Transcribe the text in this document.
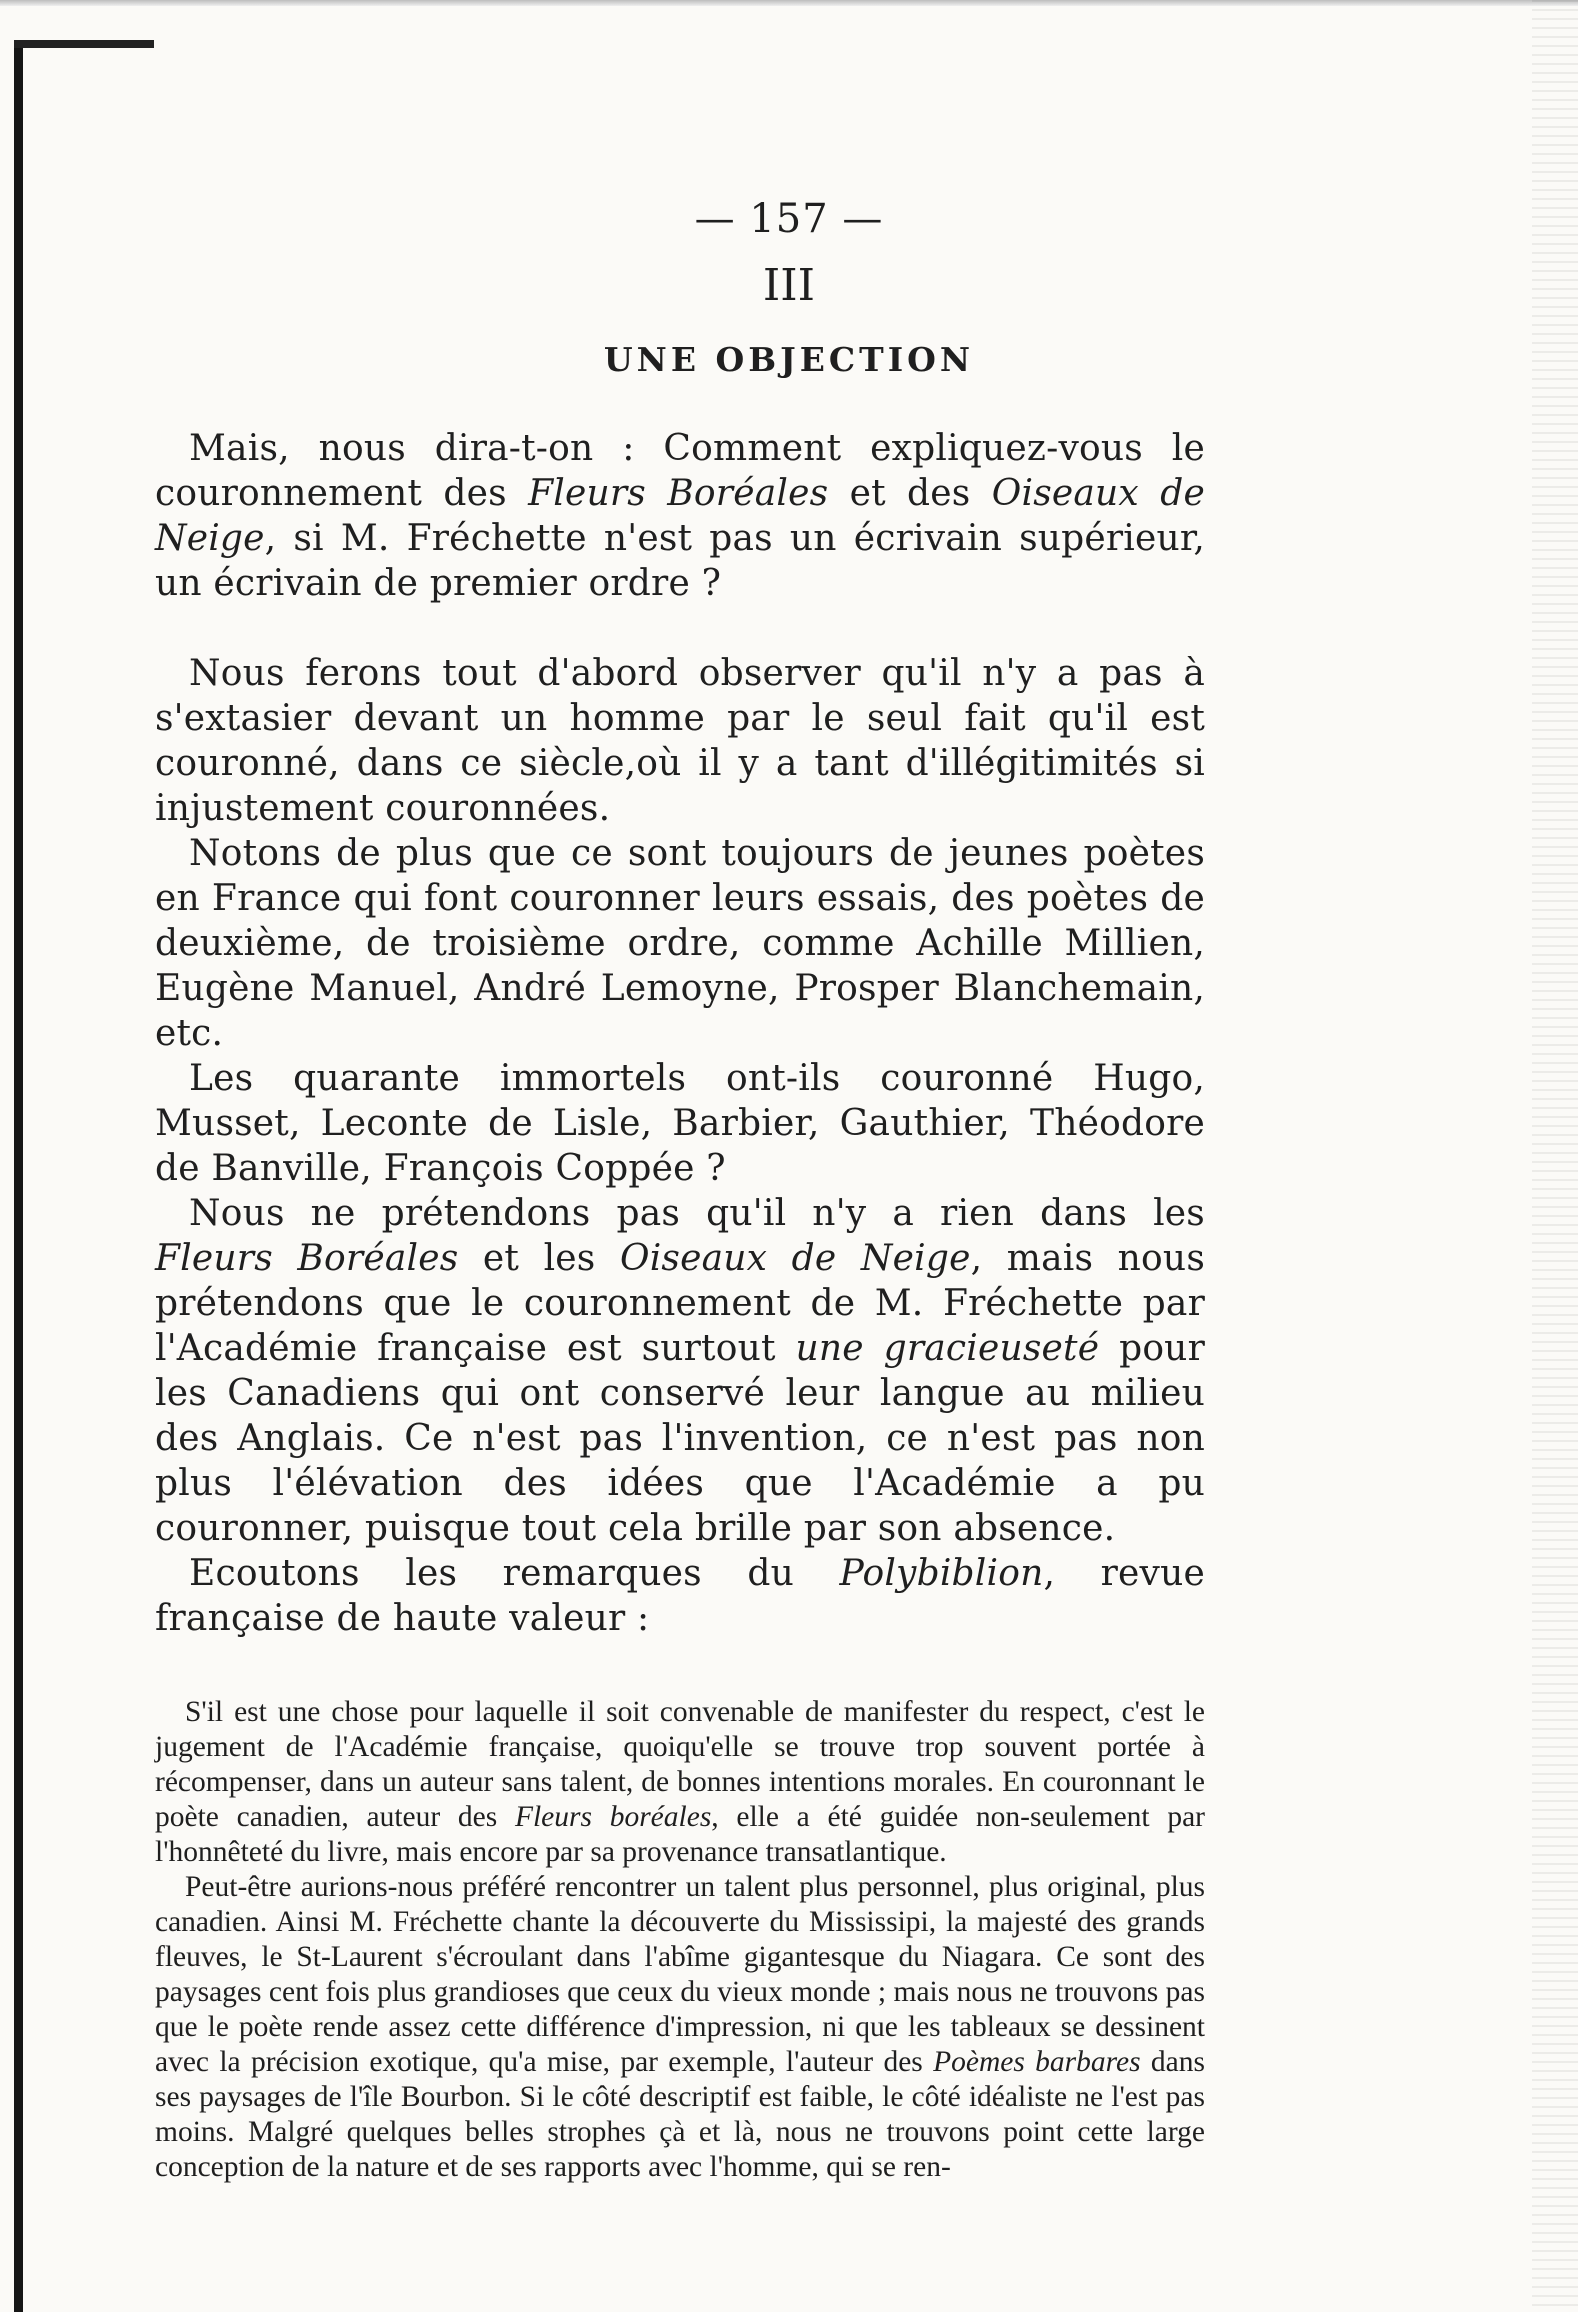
— 157 —
III
UNE OBJECTION

Mais, nous dira-t-on : Comment expliquez-vous le couronnement des Fleurs Boréales et des Oiseaux de Neige, si M. Fréchette n'est pas un écrivain supérieur, un écrivain de premier ordre ?

Nous ferons tout d'abord observer qu'il n'y a pas à s'extasier devant un homme par le seul fait qu'il est couronné, dans ce siècle,où il y a tant d'illégitimités si injustement couronnées.

Notons de plus que ce sont toujours de jeunes poètes en France qui font couronner leurs essais, des poètes de deuxième, de troisième ordre, comme Achille Millien, Eugène Manuel, André Lemoyne, Prosper Blanchemain, etc.

Les quarante immortels ont-ils couronné Hugo, Musset, Leconte de Lisle, Barbier, Gauthier, Théodore de Banville, François Coppée ?

Nous ne prétendons pas qu'il n'y a rien dans les Fleurs Boréales et les Oiseaux de Neige, mais nous prétendons que le couronnement de M. Fréchette par l'Académie française est surtout une gracieuseté pour les Canadiens qui ont conservé leur langue au milieu des Anglais. Ce n'est pas l'invention, ce n'est pas non plus l'élévation des idées que l'Académie a pu couronner, puisque tout cela brille par son absence.

Ecoutons les remarques du Polybiblion, revue française de haute valeur :

S'il est une chose pour laquelle il soit convenable de manifester du respect, c'est le jugement de l'Académie française, quoiqu'elle se trouve trop souvent portée à récompenser, dans un auteur sans talent, de bonnes intentions morales. En couronnant le poète canadien, auteur des Fleurs boréales, elle a été guidée non-seulement par l'honnêteté du livre, mais encore par sa provenance transatlantique.

Peut-être aurions-nous préféré rencontrer un talent plus personnel, plus original, plus canadien. Ainsi M. Fréchette chante la découverte du Mississipi, la majesté des grands fleuves, le St-Laurent s'écroulant dans l'abîme gigantesque du Niagara. Ce sont des paysages cent fois plus grandioses que ceux du vieux monde ; mais nous ne trouvons pas que le poète rende assez cette différence d'impression, ni que les tableaux se dessinent avec la précision exotique, qu'a mise, par exemple, l'auteur des Poèmes barbares dans ses paysages de l'île Bourbon. Si le côté descriptif est faible, le côté idéaliste ne l'est pas moins. Malgré quelques belles strophes çà et là, nous ne trouvons point cette large conception de la nature et de ses rapports avec l'homme, qui se ren-
